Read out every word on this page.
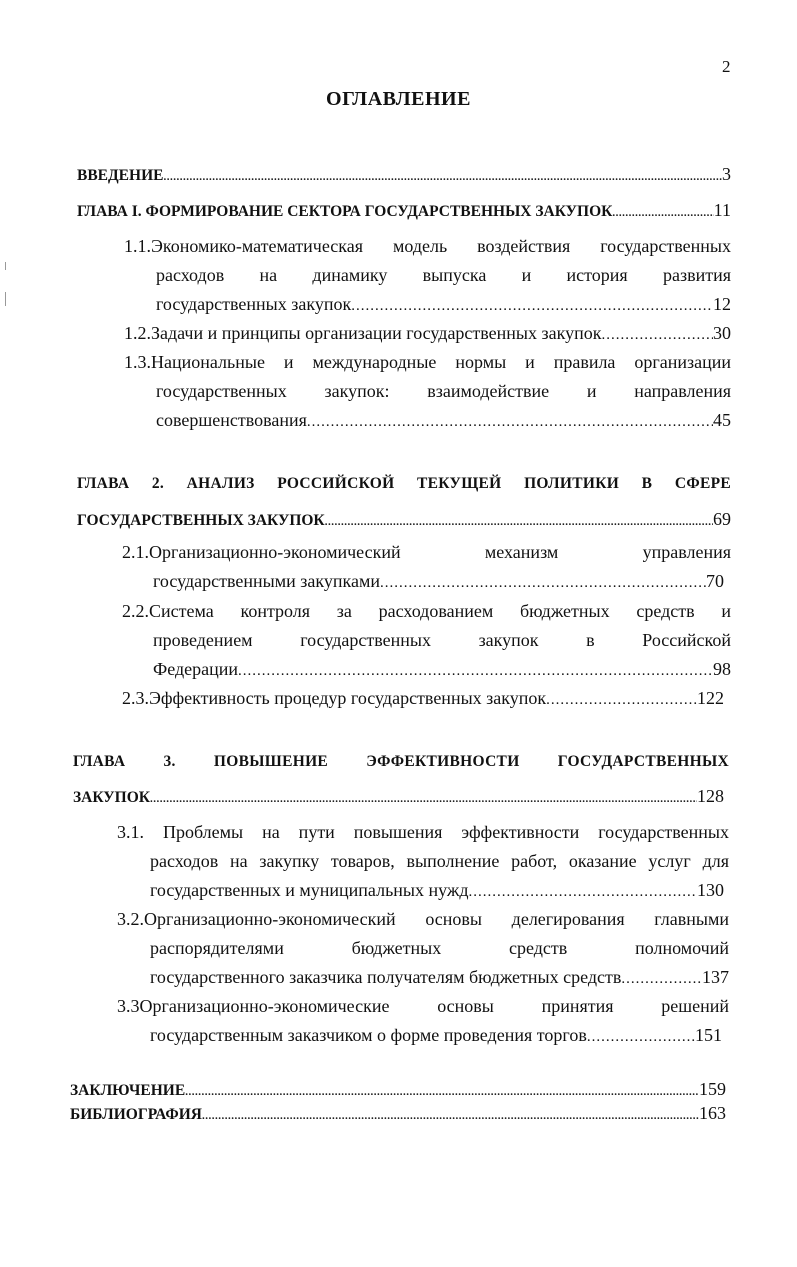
2
ОГЛАВЛЕНИЕ
ВВЕДЕНИЕ .....	3
ГЛАВА I. ФОРМИРОВАНИЕ СЕКТОРА ГОСУДАРСТВЕННЫХ ЗАКУПОК .....	11
1.1.Экономико-математическая модель воздействия государственных
расходов на динамику выпуска и история развития
государственных закупок .....	12
1.2.Задачи и принципы организации государственных закупок .....	30
1.3.Национальные и международные нормы и правила организации
государственных закупок: взаимодействие и направления
совершенствования .....	45
ГЛАВА 2. АНАЛИЗ РОССИЙСКОЙ ТЕКУЩЕЙ ПОЛИТИКИ В СФЕРЕ
ГОСУДАРСТВЕННЫХ ЗАКУПОК .....	69
2.1.Организационно-экономический механизм управления
государственными закупками .....	70
2.2.Система контроля за расходованием бюджетных средств и
проведением государственных закупок в Российской
Федерации .....	98
2.3.Эффективность процедур государственных закупок .....	122
ГЛАВА 3. ПОВЫШЕНИЕ ЭФФЕКТИВНОСТИ ГОСУДАРСТВЕННЫХ
ЗАКУПОК .....	128
3.1. Проблемы на пути повышения эффективности государственных
расходов на закупку товаров, выполнение работ, оказание услуг для
государственных и муниципальных нужд .....	130
3.2.Организационно-экономический основы делегирования главными
распорядителями бюджетных средств полномочий
государственного заказчика получателям бюджетных средств .....	137
3.3Организационно-экономические основы принятия решений
государственным заказчиком о форме проведения торгов .....	151
ЗАКЛЮЧЕНИЕ .....	159
БИБЛИОГРАФИЯ .....	163
